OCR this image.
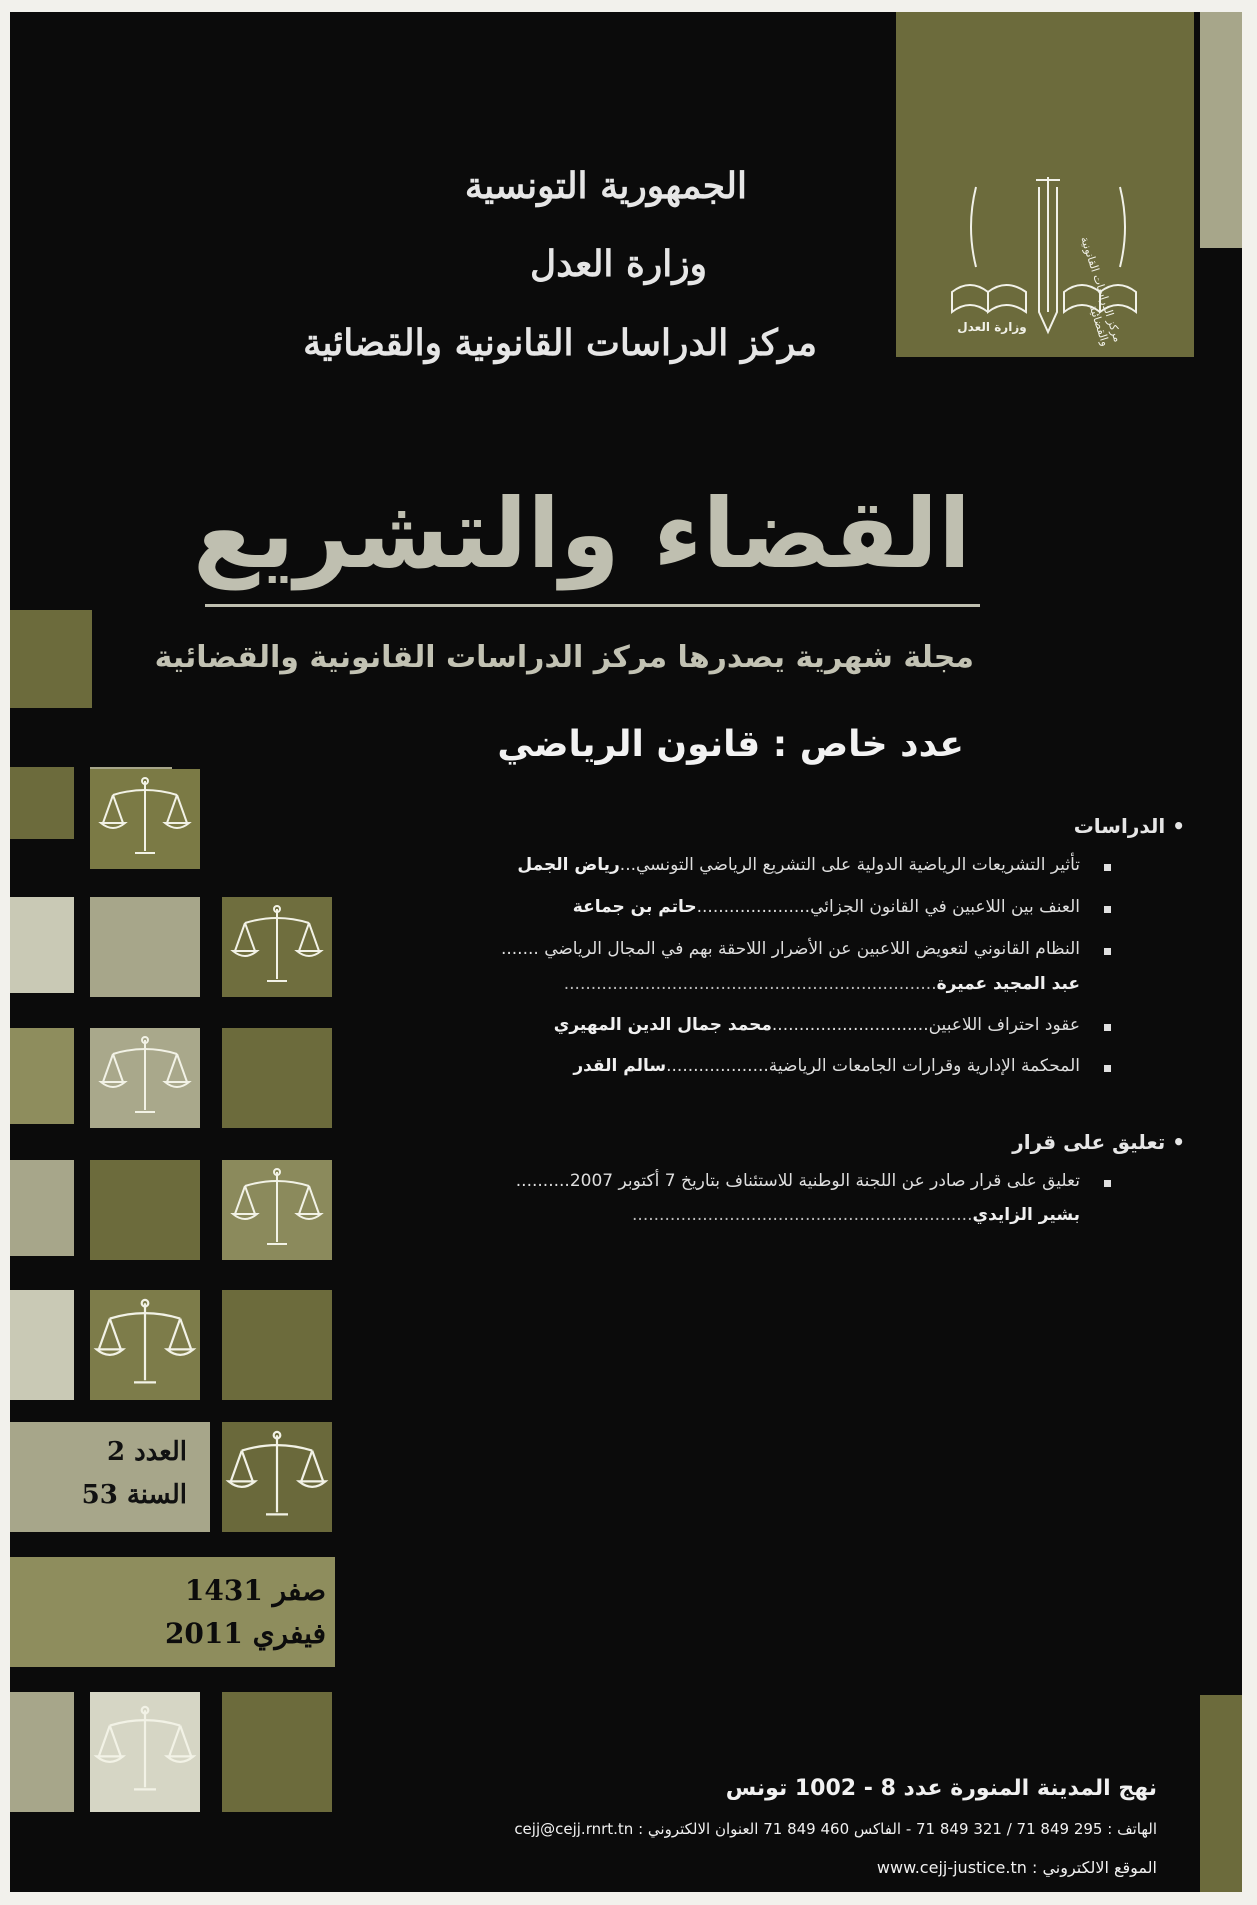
وزارة العدل	مركز الدراسات القانونية والقضائية
الجمهورية التونسية
وزارة العدل
مركز الدراسات القانونية والقضائية
القضاء والتشريع
مجلة شهرية يصدرها مركز الدراسات القانونية والقضائية
عدد خاص : قانون الرياضي
العدد 2
السنة 53
صفر 1431
فيفري 2011
• الدراسات
تأثير التشريعات الرياضية الدولية على التشريع الرياضي التونسي...رياض الجمل
العنف بين اللاعبين في القانون الجزائي.....................حاتم بن جماعة
النظام القانوني لتعويض اللاعبين عن الأضرار اللاحقة بهم في المجال الرياضي .......
عبد المجيد عميرة.....................................................................
عقود احتراف اللاعبين.............................محمد جمال الدين المهيري
المحكمة الإدارية وقرارات الجامعات الرياضية...................سالم القدر
• تعليق على قرار
تعليق على قرار صادر عن اللجنة الوطنية للاستئناف بتاريخ 7 أكتوبر 2007..........
بشير الزايدي...............................................................
نهج المدينة المنورة عدد 8 - 1002 تونس
الهاتف : 295 849 71 / 321 849 71 - الفاكس 460 849 71 العنوان الالكتروني : cejj@cejj.rnrt.tn
الموقع الالكتروني : www.cejj-justice.tn
